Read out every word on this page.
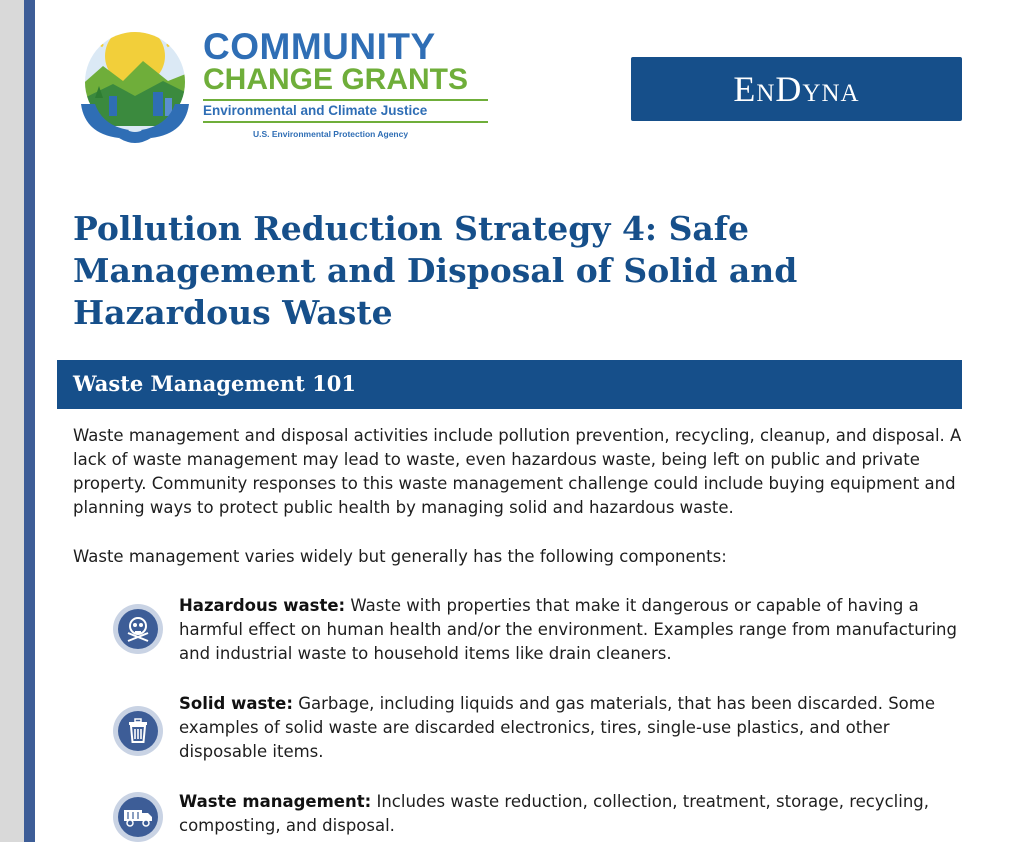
COMMUNITY
CHANGE GRANTS
Environmental and Climate Justice
U.S. Environmental Protection Agency
EnDyna
Pollution Reduction Strategy 4: Safe Management and Disposal of Solid and Hazardous Waste
Waste Management 101

Waste management and disposal activities include pollution prevention, recycling, cleanup, and disposal. A lack of waste management may lead to waste, even hazardous waste, being left on public and private property. Community responses to this waste management challenge could include buying equipment and planning ways to protect public health by managing solid and hazardous waste.

Waste management varies widely but generally has the following components:

Hazardous waste: Waste with properties that make it dangerous or capable of having a harmful effect on human health and/or the environment. Examples range from manufacturing and industrial waste to household items like drain cleaners.
Solid waste: Garbage, including liquids and gas materials, that has been discarded. Some examples of solid waste are discarded electronics, tires, single-use plastics, and other disposable items.
Waste management: Includes waste reduction, collection, treatment, storage, recycling, composting, and disposal.
